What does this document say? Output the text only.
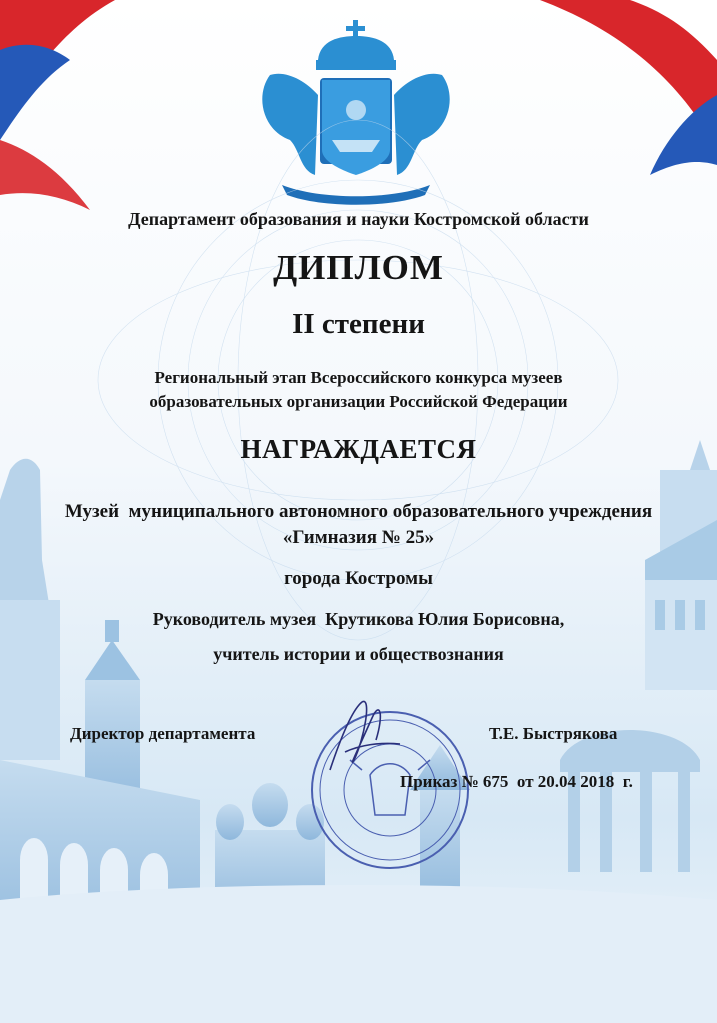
Департамент образования и науки Костромской области
ДИПЛОМ
II степени
Региональный этап Всероссийского конкурса музеев
образовательных организации Российской Федерации
НАГРАЖДАЕТСЯ
Музей  муниципального автономного образовательного учреждения
«Гимназия № 25»
города Костромы
Руководитель музея  Крутикова Юлия Борисовна,
учитель истории и обществознания
Директор департамента	Т.Е. Быстрякова
Приказ № 675  от 20.04 2018  г.
